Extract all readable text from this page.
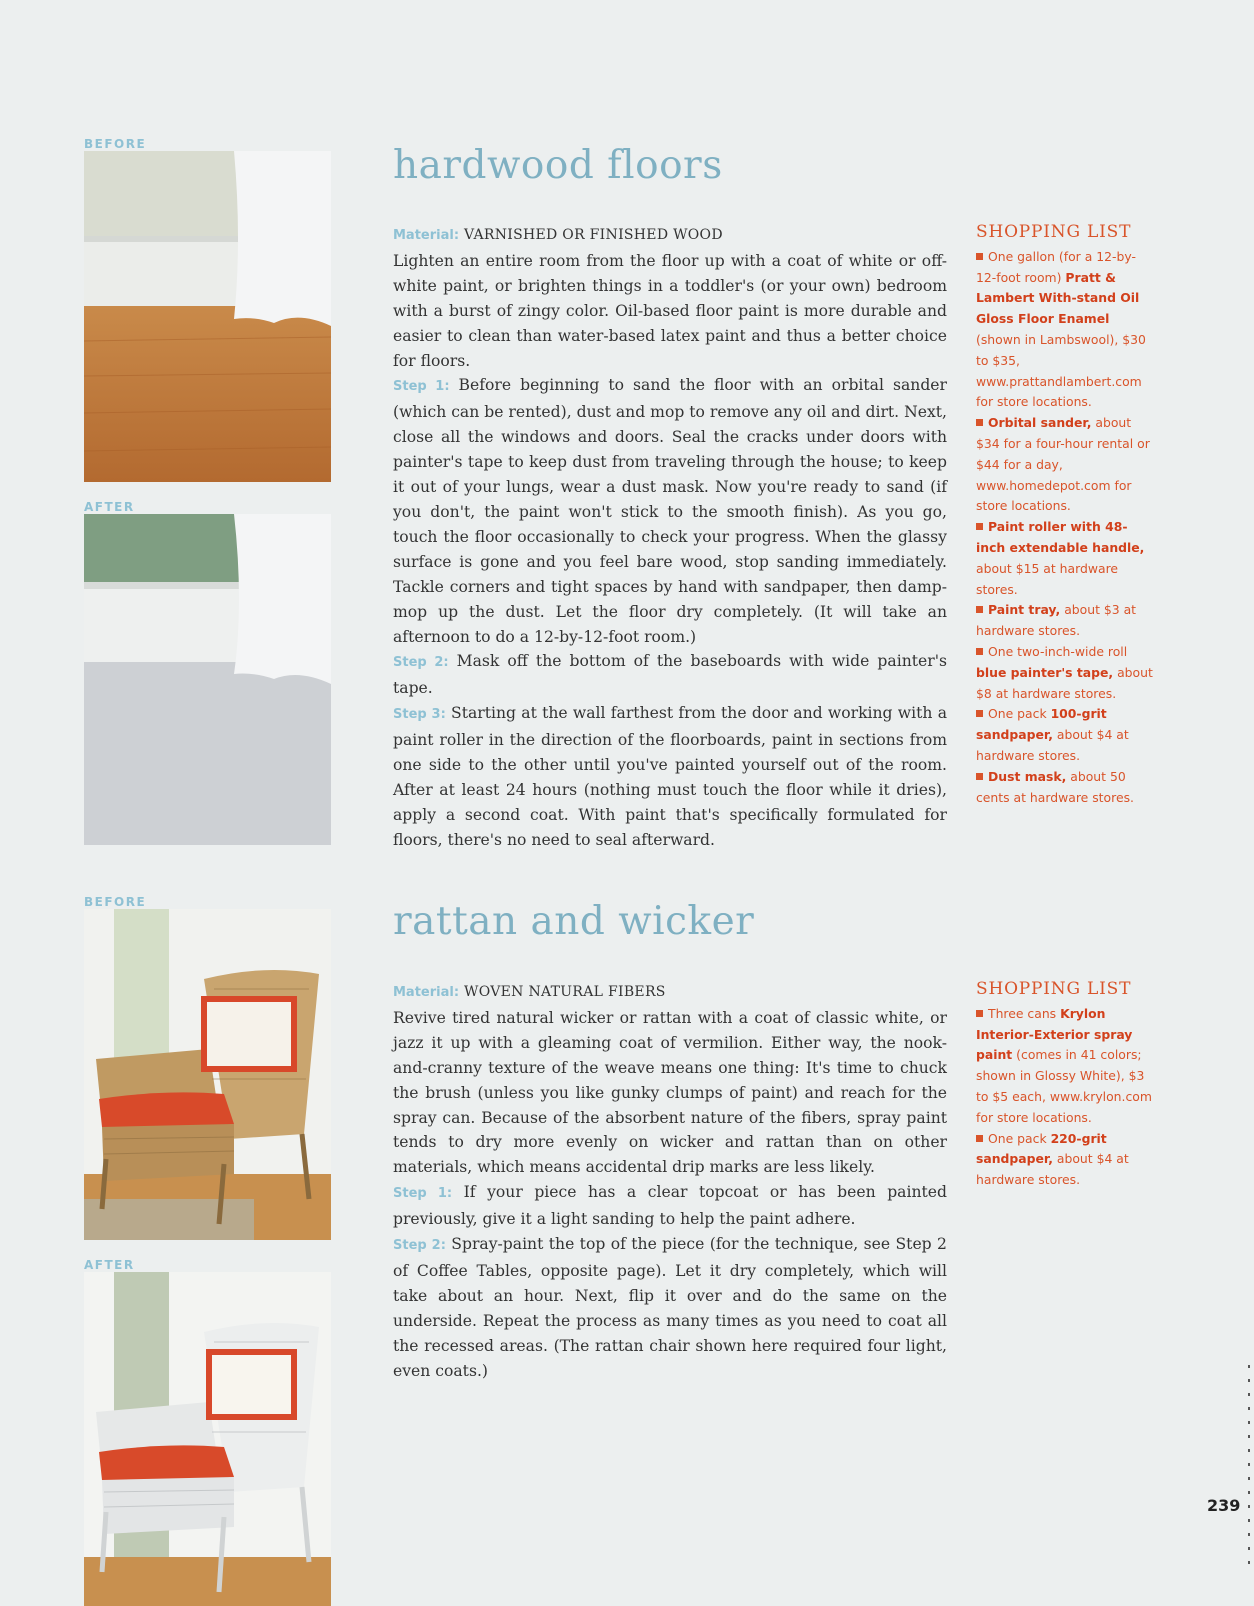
BEFORE
AFTER
BEFORE
AFTER
hardwood floors

Material: VARNISHED OR FINISHED WOOD

Lighten an entire room from the floor up with a coat of white or off-white paint, or brighten things in a toddler's (or your own) bedroom with a burst of zingy color. Oil-based floor paint is more durable and easier to clean than water-based latex paint and thus a better choice for floors.

Step 1: Before beginning to sand the floor with an orbital sander (which can be rented), dust and mop to remove any oil and dirt. Next, close all the windows and doors. Seal the cracks under doors with painter's tape to keep dust from traveling through the house; to keep it out of your lungs, wear a dust mask. Now you're ready to sand (if you don't, the paint won't stick to the smooth finish). As you go, touch the floor occasionally to check your progress. When the glassy surface is gone and you feel bare wood, stop sanding immediately. Tackle corners and tight spaces by hand with sandpaper, then damp-mop up the dust. Let the floor dry completely. (It will take an afternoon to do a 12-by-12-foot room.)

Step 2: Mask off the bottom of the baseboards with wide painter's tape.

Step 3: Starting at the wall farthest from the door and working with a paint roller in the direction of the floorboards, paint in sections from one side to the other until you've painted yourself out of the room. After at least 24 hours (nothing must touch the floor while it dries), apply a second coat. With paint that's specifically formulated for floors, there's no need to seal afterward.

SHOPPING LIST

One gallon (for a 12-by-12-foot room) Pratt & Lambert With-stand Oil Gloss Floor Enamel (shown in Lambswool), $30 to $35, www.prattandlambert.com for store locations.

Orbital sander, about $34 for a four-hour rental or $44 for a day, www.homedepot.com for store locations.

Paint roller with 48-inch extendable handle, about $15 at hardware stores.

Paint tray, about $3 at hardware stores.

One two-inch-wide roll blue painter's tape, about $8 at hardware stores.

One pack 100-grit sandpaper, about $4 at hardware stores.

Dust mask, about 50 cents at hardware stores.

rattan and wicker

Material: WOVEN NATURAL FIBERS

Revive tired natural wicker or rattan with a coat of classic white, or jazz it up with a gleaming coat of vermilion. Either way, the nook-and-cranny texture of the weave means one thing: It's time to chuck the brush (unless you like gunky clumps of paint) and reach for the spray can. Because of the absorbent nature of the fibers, spray paint tends to dry more evenly on wicker and rattan than on other materials, which means accidental drip marks are less likely.

Step 1: If your piece has a clear topcoat or has been painted previously, give it a light sanding to help the paint adhere.

Step 2: Spray-paint the top of the piece (for the technique, see Step 2 of Coffee Tables, opposite page). Let it dry completely, which will take about an hour. Next, flip it over and do the same on the underside. Repeat the process as many times as you need to coat all the recessed areas. (The rattan chair shown here required four light, even coats.)

SHOPPING LIST

Three cans Krylon Interior-Exterior spray paint (comes in 41 colors; shown in Glossy White), $3 to $5 each, www.krylon.com for store locations.

One pack 220-grit sandpaper, about $4 at hardware stores.

239
